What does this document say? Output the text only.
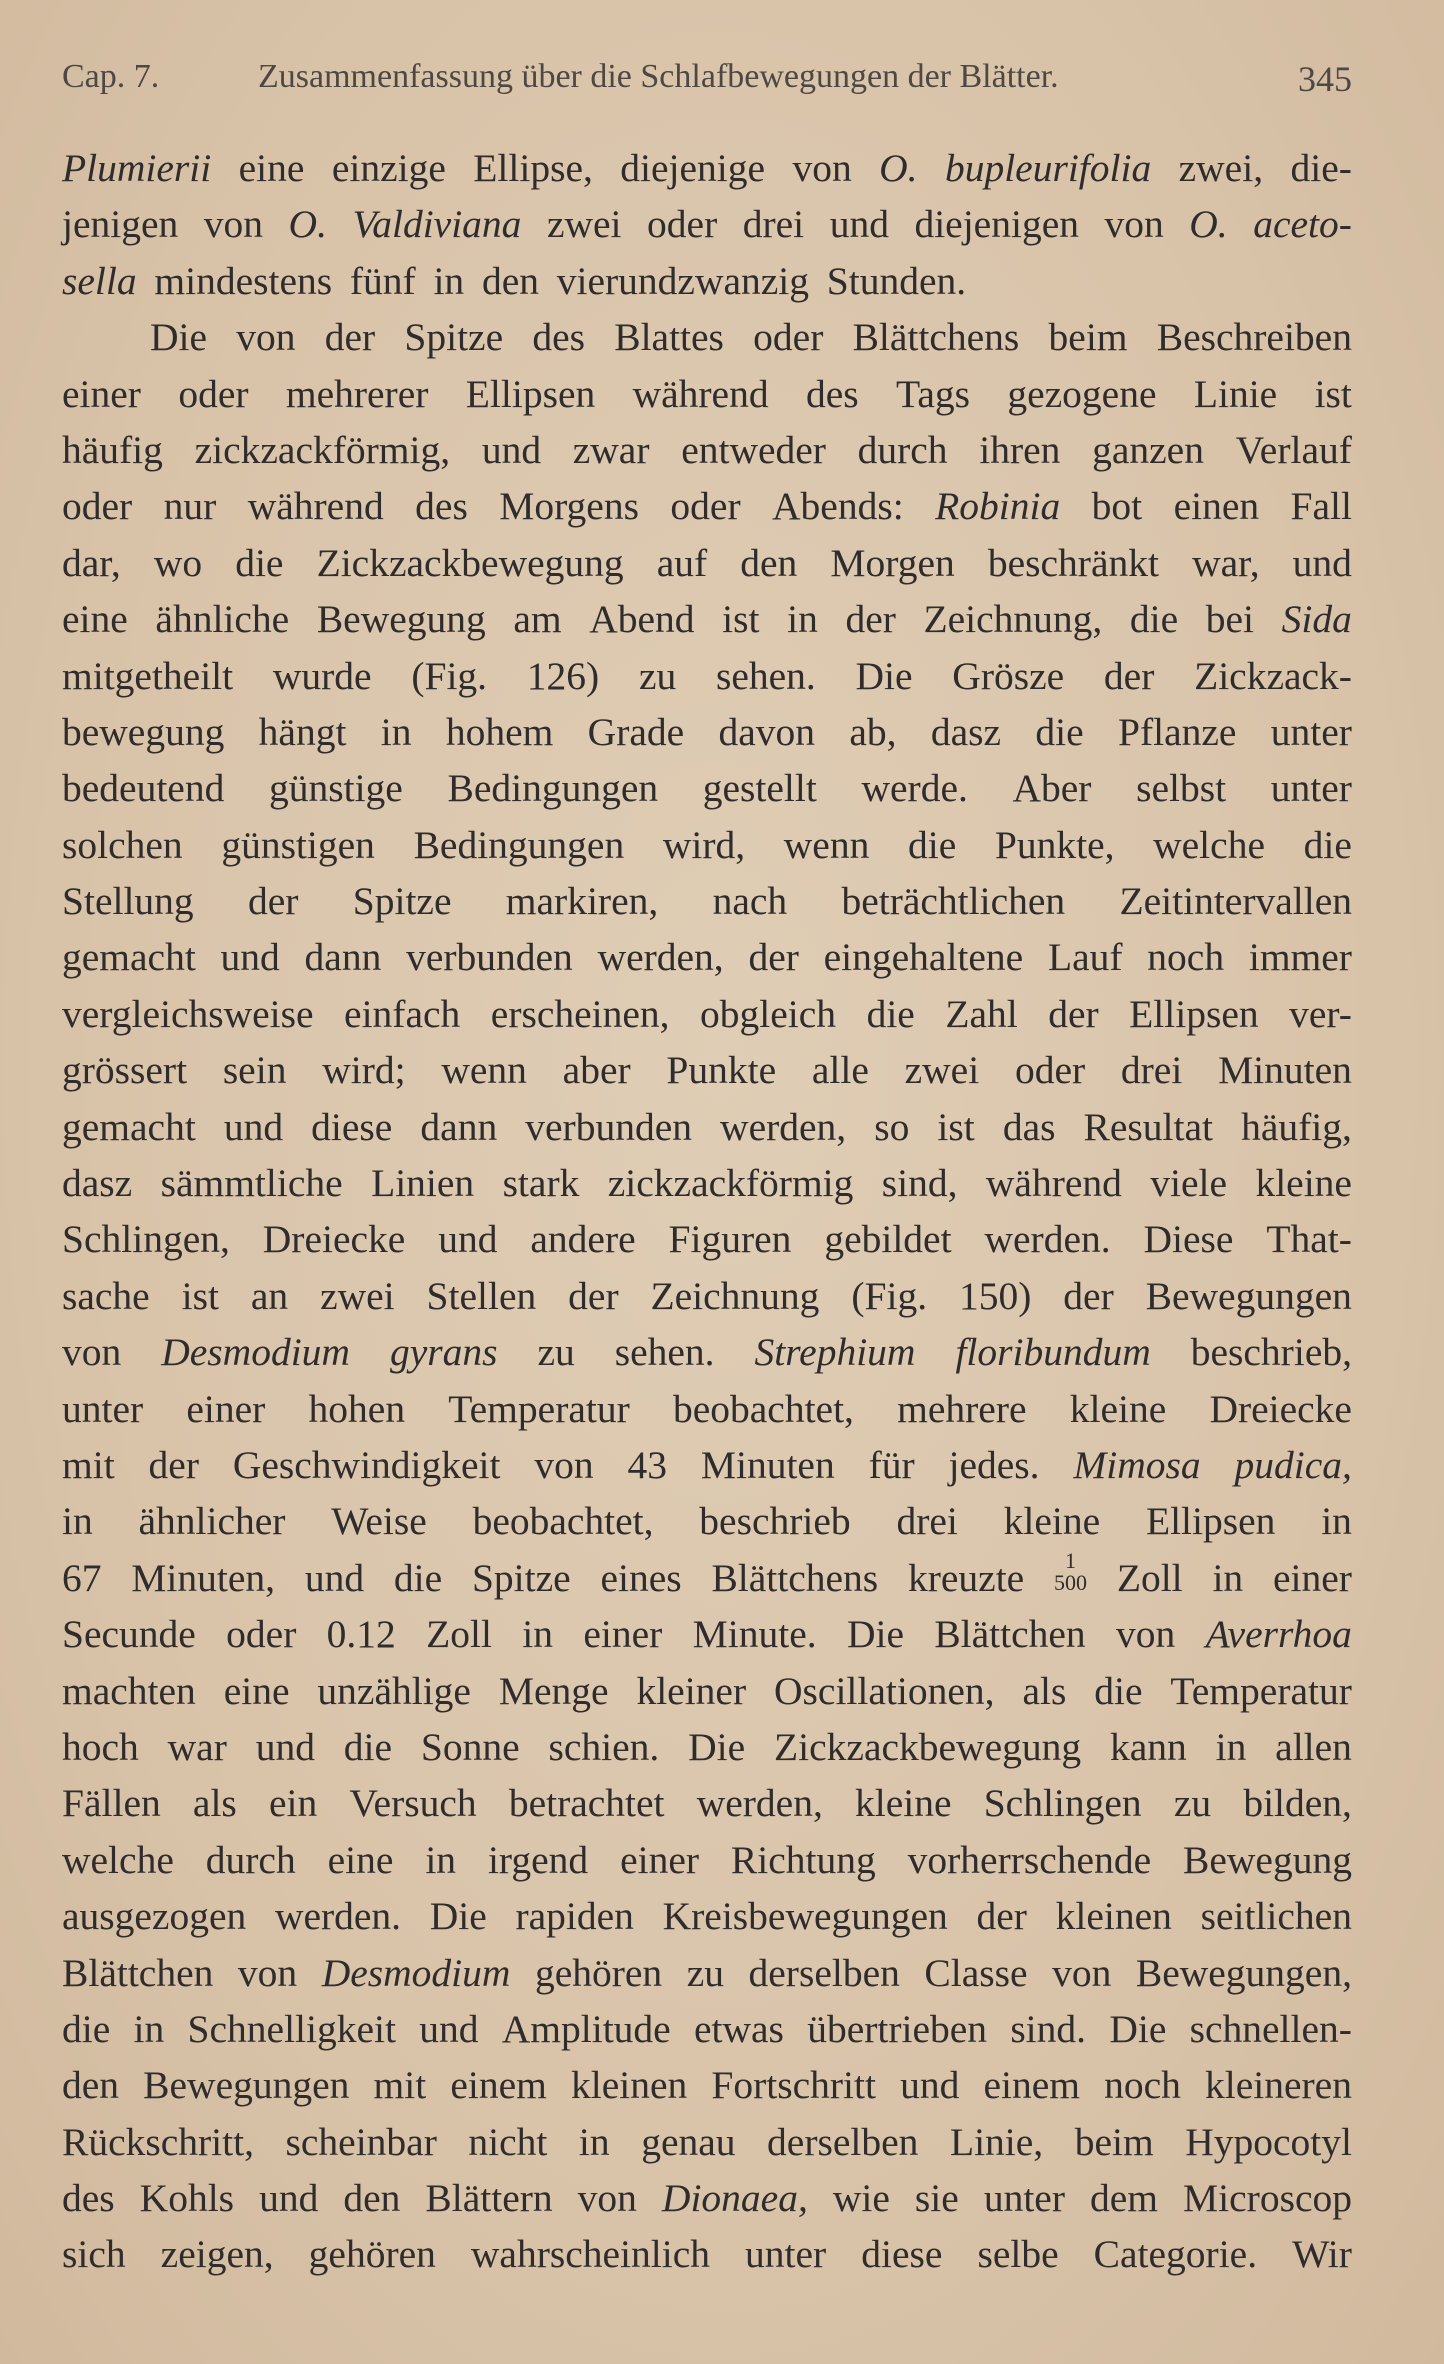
Cap. 7.	Zusammenfassung über die Schlafbewegungen der Blätter.	345
Plumierii eine einzige Ellipse, diejenige von O. bupleurifolia zwei, die-
jenigen von O. Valdiviana zwei oder drei und diejenigen von O. aceto-
sella mindestens fünf in den vierundzwanzig Stunden.
Die von der Spitze des Blattes oder Blättchens beim Beschreiben
einer oder mehrerer Ellipsen während des Tags gezogene Linie ist
häufig zickzackförmig, und zwar entweder durch ihren ganzen Verlauf
oder nur während des Morgens oder Abends: Robinia bot einen Fall
dar, wo die Zickzackbewegung auf den Morgen beschränkt war, und
eine ähnliche Bewegung am Abend ist in der Zeichnung, die bei Sida
mitgetheilt wurde (Fig. 126) zu sehen. Die Grösze der Zickzack-
bewegung hängt in hohem Grade davon ab, dasz die Pflanze unter
bedeutend günstige Bedingungen gestellt werde. Aber selbst unter
solchen günstigen Bedingungen wird, wenn die Punkte, welche die
Stellung der Spitze markiren, nach beträchtlichen Zeitintervallen
gemacht und dann verbunden werden, der eingehaltene Lauf noch immer
vergleichsweise einfach erscheinen, obgleich die Zahl der Ellipsen ver-
grössert sein wird; wenn aber Punkte alle zwei oder drei Minuten
gemacht und diese dann verbunden werden, so ist das Resultat häufig,
dasz sämmtliche Linien stark zickzackförmig sind, während viele kleine
Schlingen, Dreiecke und andere Figuren gebildet werden. Diese That-
sache ist an zwei Stellen der Zeichnung (Fig. 150) der Bewegungen
von Desmodium gyrans zu sehen. Strephium floribundum beschrieb,
unter einer hohen Temperatur beobachtet, mehrere kleine Dreiecke
mit der Geschwindigkeit von 43 Minuten für jedes. Mimosa pudica,
in ähnlicher Weise beobachtet, beschrieb drei kleine Ellipsen in
67 Minuten, und die Spitze eines Blättchens kreuzte	1
500 Zoll in einer
Secunde oder 0.12 Zoll in einer Minute. Die Blättchen von Averrhoa
machten eine unzählige Menge kleiner Oscillationen, als die Temperatur
hoch war und die Sonne schien. Die Zickzackbewegung kann in allen
Fällen als ein Versuch betrachtet werden, kleine Schlingen zu bilden,
welche durch eine in irgend einer Richtung vorherrschende Bewegung
ausgezogen werden. Die rapiden Kreisbewegungen der kleinen seitlichen
Blättchen von Desmodium gehören zu derselben Classe von Bewegungen,
die in Schnelligkeit und Amplitude etwas übertrieben sind. Die schnellen-
den Bewegungen mit einem kleinen Fortschritt und einem noch kleineren
Rückschritt, scheinbar nicht in genau derselben Linie, beim Hypocotyl
des Kohls und den Blättern von Dionaea, wie sie unter dem Microscop
sich zeigen, gehören wahrscheinlich unter diese selbe Categorie. Wir
